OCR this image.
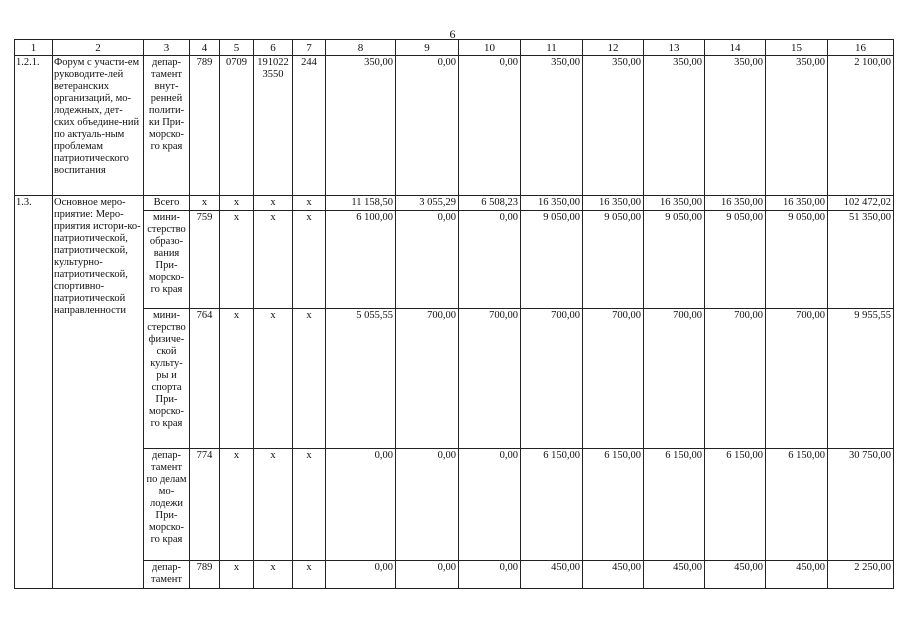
6
1	2	3	4	5	6	7	8	9	10	11	12	13	14	15	16
1.2.1.	Форум с участи-ем руководите-лей ветеранских организаций, мо-лодежных, дет-ских объедине-ний по актуаль-ным проблемам патриотического воспитания	депар-тамент внут-ренней полити-ки При-морско-го края	789	0709	191022 3550	244	350,00	0,00	0,00	350,00	350,00	350,00	350,00	350,00	2 100,00
1.3.	Основное меро-приятие: Меро-приятия истори-ко-патриотической, патриотической, культурно-патриотической, спортивно-патриотической направленности	Всего	x	x	x	x	11 158,50	3 055,29	6 508,23	16 350,00	16 350,00	16 350,00	16 350,00	16 350,00	102 472,02
		мини-стерство образо-вания При-морско-го края	759	x	x	x	6 100,00	0,00	0,00	9 050,00	9 050,00	9 050,00	9 050,00	9 050,00	51 350,00
		мини-стерство физиче-ской культу-ры и спорта При-морско-го края	764	x	x	x	5 055,55	700,00	700,00	700,00	700,00	700,00	700,00	700,00	9 955,55
		депар-тамент по делам мо-лодежи При-морско-го края	774	x	x	x	0,00	0,00	0,00	6 150,00	6 150,00	6 150,00	6 150,00	6 150,00	30 750,00
		депар-тамент	789	x	x	x	0,00	0,00	0,00	450,00	450,00	450,00	450,00	450,00	2 250,00
